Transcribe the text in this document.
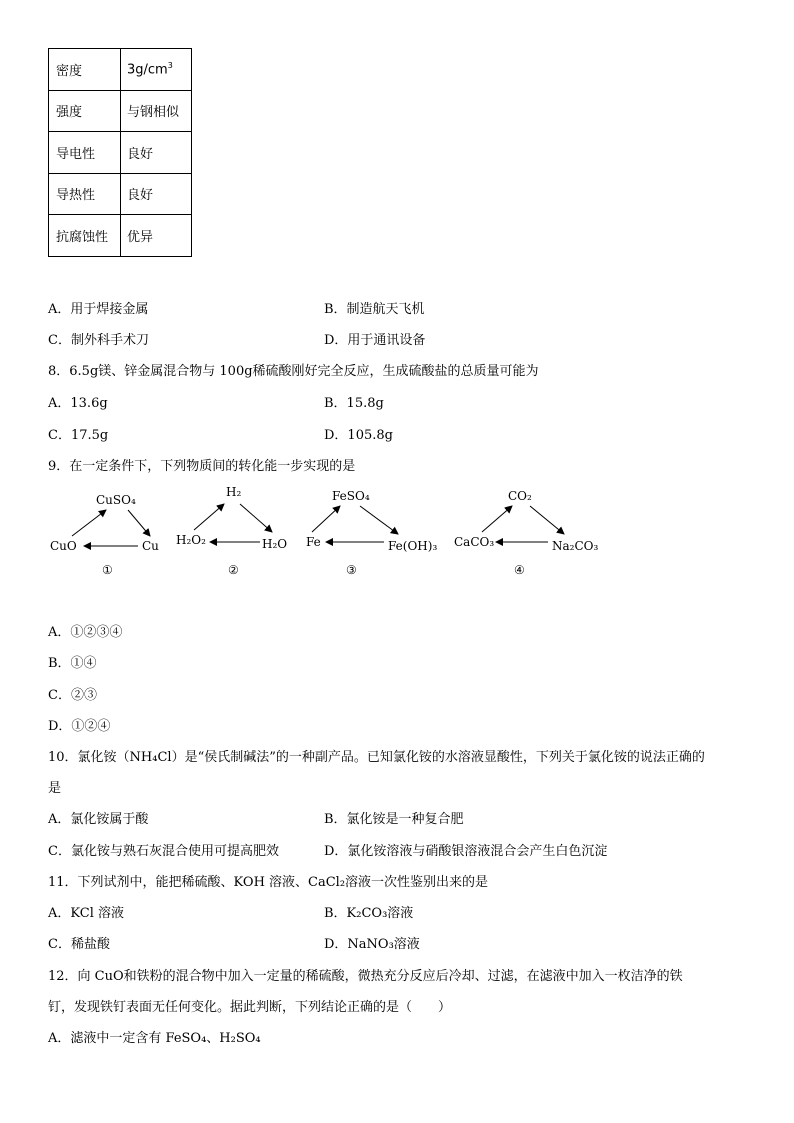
密度	$3g/cm^3$
强度	与钢相似
导电性	良好
导热性	良好
抗腐蚀性	优异
A．用于焊接金属	B．制造航天飞机
C．制外科手术刀	D．用于通讯设备
8．6.5g镁、锌金属混合物与 100g稀硫酸刚好完全反应，生成硫酸盐的总质量可能为
A．13.6g	B．15.8g
C．17.5g	D．105.8g
9．在一定条件下，下列物质间的转化能一步实现的是
CuSO₄
CuO	Cu
①
H₂
H₂O₂	H₂O
②
FeSO₄
Fe	Fe(OH)₃
③
CO₂
CaCO₃	Na₂CO₃
④
A．①②③④
B．①④
C．②③
D．①②④
10．氯化铵（NH₄Cl）是“侯氏制碱法”的一种副产品。已知氯化铵的水溶液显酸性，下列关于氯化铵的说法正确的
是
A．氯化铵属于酸	B．氯化铵是一种复合肥
C．氯化铵与熟石灰混合使用可提高肥效	D．氯化铵溶液与硝酸银溶液混合会产生白色沉淀
11．下列试剂中，能把稀硫酸、KOH 溶液、CaCl₂溶液一次性鉴别出来的是
A．KCl 溶液	B．K₂CO₃溶液
C．稀盐酸	D．NaNO₃溶液
12．向 CuO和铁粉的混合物中加入一定量的稀硫酸，微热充分反应后冷却、过滤，在滤液中加入一枚洁净的铁
钉，发现铁钉表面无任何变化。据此判断，下列结论正确的是（　　）
A．滤液中一定含有 FeSO₄、H₂SO₄
